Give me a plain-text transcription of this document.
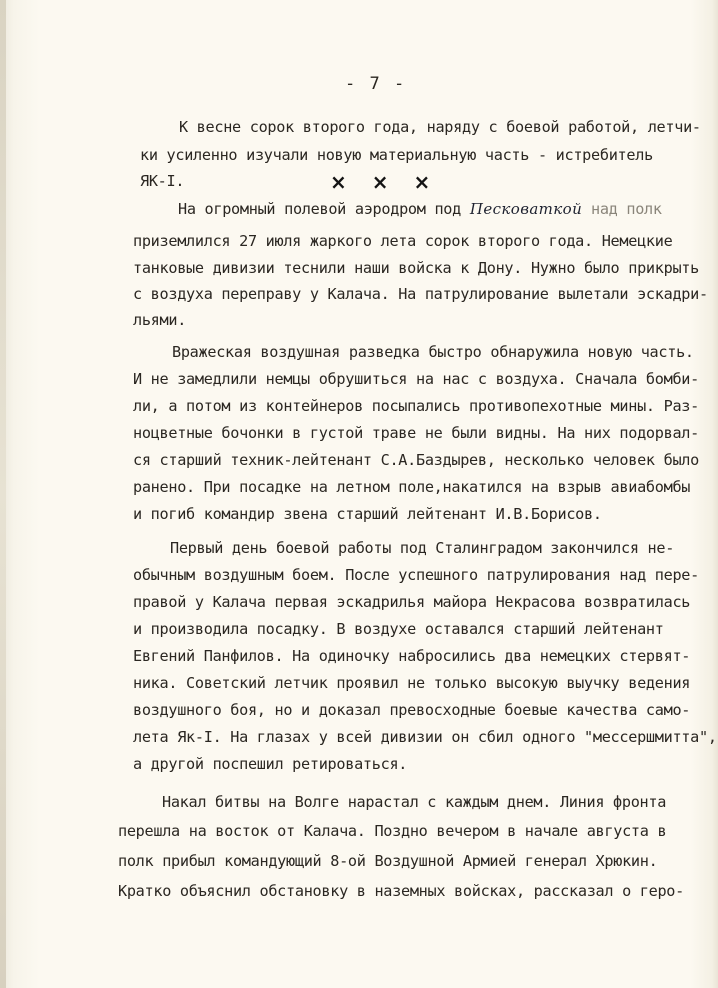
- 7 -
К весне сорок второго года, наряду с боевой работой, летчи-
ки усиленно изучали новую материальную часть - истребитель
ЯК-I.	× × ×
На огромный полевой аэродром под Песковаткой над полк
приземлился 27 июля жаркого лета сорок второго года. Немецкие
танковые дивизии теснили наши войска к Дону. Нужно было прикрыть
с воздуха переправу у Калача. На патрулирование вылетали эскадри-
льями.
Вражеская воздушная разведка быстро обнаружила новую часть.
И не замедлили немцы обрушиться на нас с воздуха. Сначала бомби-
ли, а потом из контейнеров посыпались противопехотные мины. Раз-
ноцветные бочонки в густой траве не были видны. На них подорвал-
ся старший техник-лейтенант С.А.Баздырев, несколько человек было
ранено. При посадке на летном поле,накатился на взрыв авиабомбы
и погиб командир звена старший лейтенант И.В.Борисов.
Первый день боевой работы под Сталинградом закончился не-
обычным воздушным боем. После успешного патрулирования над пере-
правой у Калача первая эскадрилья майора Некрасова возвратилась
и производила посадку. В воздухе оставался старший лейтенант
Евгений Панфилов. На одиночку набросились два немецких стервят-
ника. Советский летчик проявил не только высокую выучку ведения
воздушного боя, но и доказал превосходные боевые качества само-
лета Як-I. На глазах у всей дивизии он сбил одного "мессершмитта",
а другой поспешил ретироваться.
Накал битвы на Волге нарастал с каждым днем. Линия фронта
перешла на восток от Калача. Поздно вечером в начале августа в
полк прибыл командующий 8-ой Воздушной Армией генерал Хрюкин.
Кратко объяснил обстановку в наземных войсках, рассказал о геро-
